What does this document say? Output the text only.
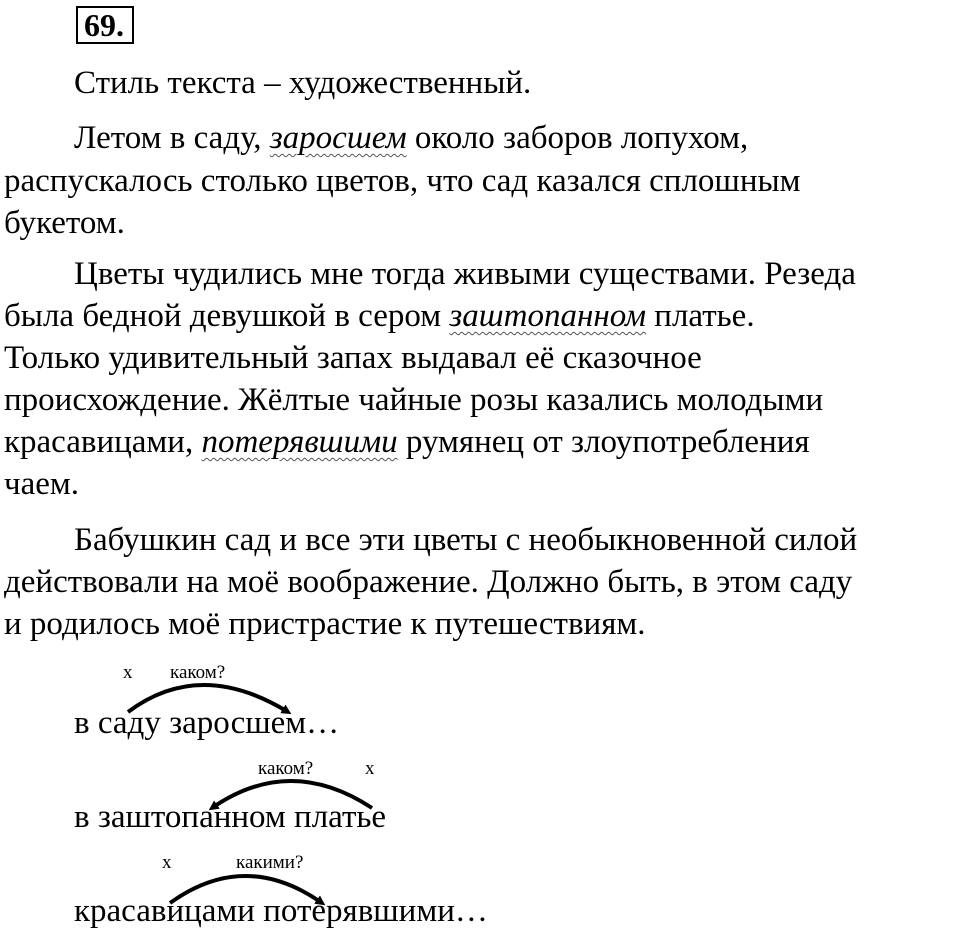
69.
Стиль текста – художественный.
Летом в саду, заросшем около заборов лопухом,
распускалось столько цветов, что сад казался сплошным
букетом.
Цветы чудились мне тогда живыми существами. Резеда
была бедной девушкой в сером заштопанном платье.
Только удивительный запах выдавал её сказочное
происхождение. Жёлтые чайные розы казались молодыми
красавицами, потерявшими румянец от злоупотребления
чаем.
Бабушкин сад и все эти цветы с необыкновенной силой
действовали на моё воображение. Должно быть, в этом саду
и родилось моё пристрастие к путешествиям.
х каком?
в саду заросшем…
каком?	х
в заштопанном платье
х	какими?
красавицами потерявшими…
